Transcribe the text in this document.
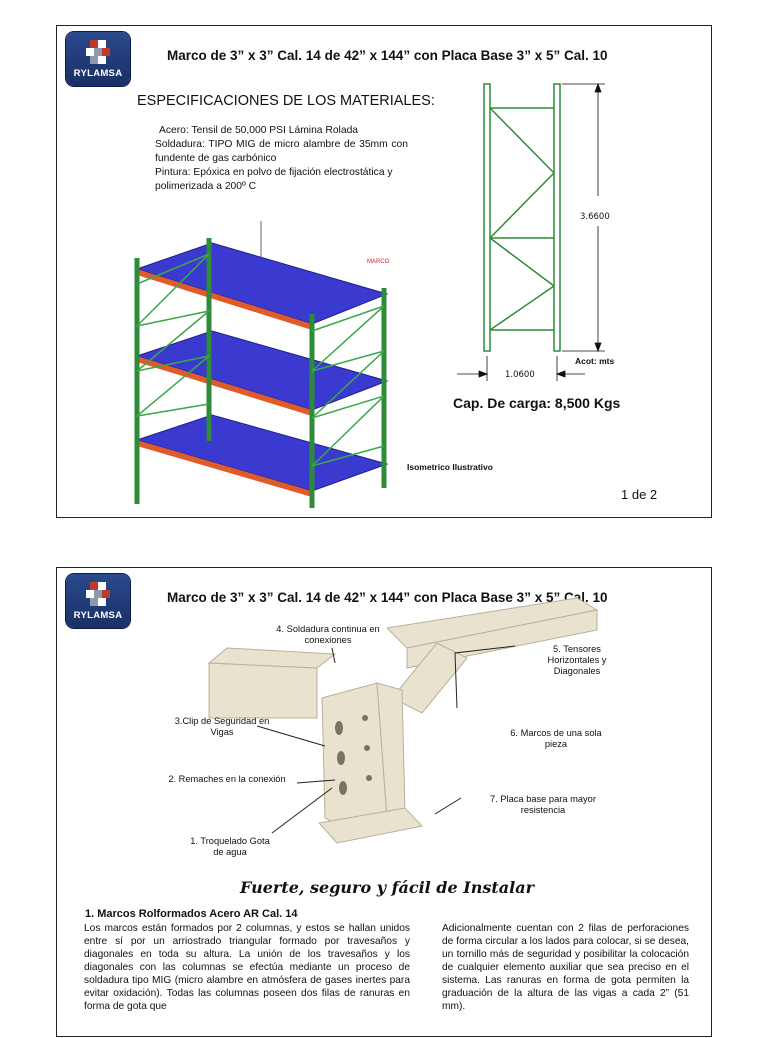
RYLAMSA
Marco de 3” x 3” Cal. 14 de 42” x 144” con Placa Base 3” x 5” Cal. 10
ESPECIFICACIONES DE LOS MATERIALES:
Acero: Tensil de 50,000 PSI Lámina Rolada
Soldadura: TIPO MIG de micro alambre de 35mm con fundente de gas carbónico
Pintura: Epóxica en polvo de fijación electrostática y polimerizada a 200º C
MARCO
Isometrico Ilustrativo
3.6600
Acot: mts
1.0600
Cap. De carga: 8,500 Kgs
1 de 2
RYLAMSA
Marco de 3” x 3” Cal. 14 de 42” x 144” con Placa Base 3” x 5” Cal. 10
4. Soldadura continua en conexiones
5. Tensores Horizontales y Diagonales
3.Clip de Seguridad en Vigas	6. Marcos de una sola pieza
2. Remaches en la conexión
7. Placa base para mayor resistencia
1. Troquelado Gota de agua
Fuerte, seguro y fácil de Instalar
1. Marcos Rolformados Acero AR Cal. 14
Los marcos están formados por 2 columnas, y estos se hallan unidos entre sí por un arriostrado triangular formado por travesaños y diagonales en toda su altura. La unión de los travesaños y los diagonales con las columnas se efectúa mediante un proceso de soldadura tipo MIG (micro alambre en atmósfera de gases inertes para evitar oxidación). Todas las columnas poseen dos filas de ranuras en forma de gota que
Adicionalmente cuentan con 2 filas de perforaciones de forma circular a los lados para colocar, si se desea, un tornillo más de seguridad y posibilitar la colocación de cualquier elemento auxiliar que sea preciso en el sistema. Las ranuras en forma de gota permiten la graduación de la altura de las vigas a cada 2” (51 mm).
